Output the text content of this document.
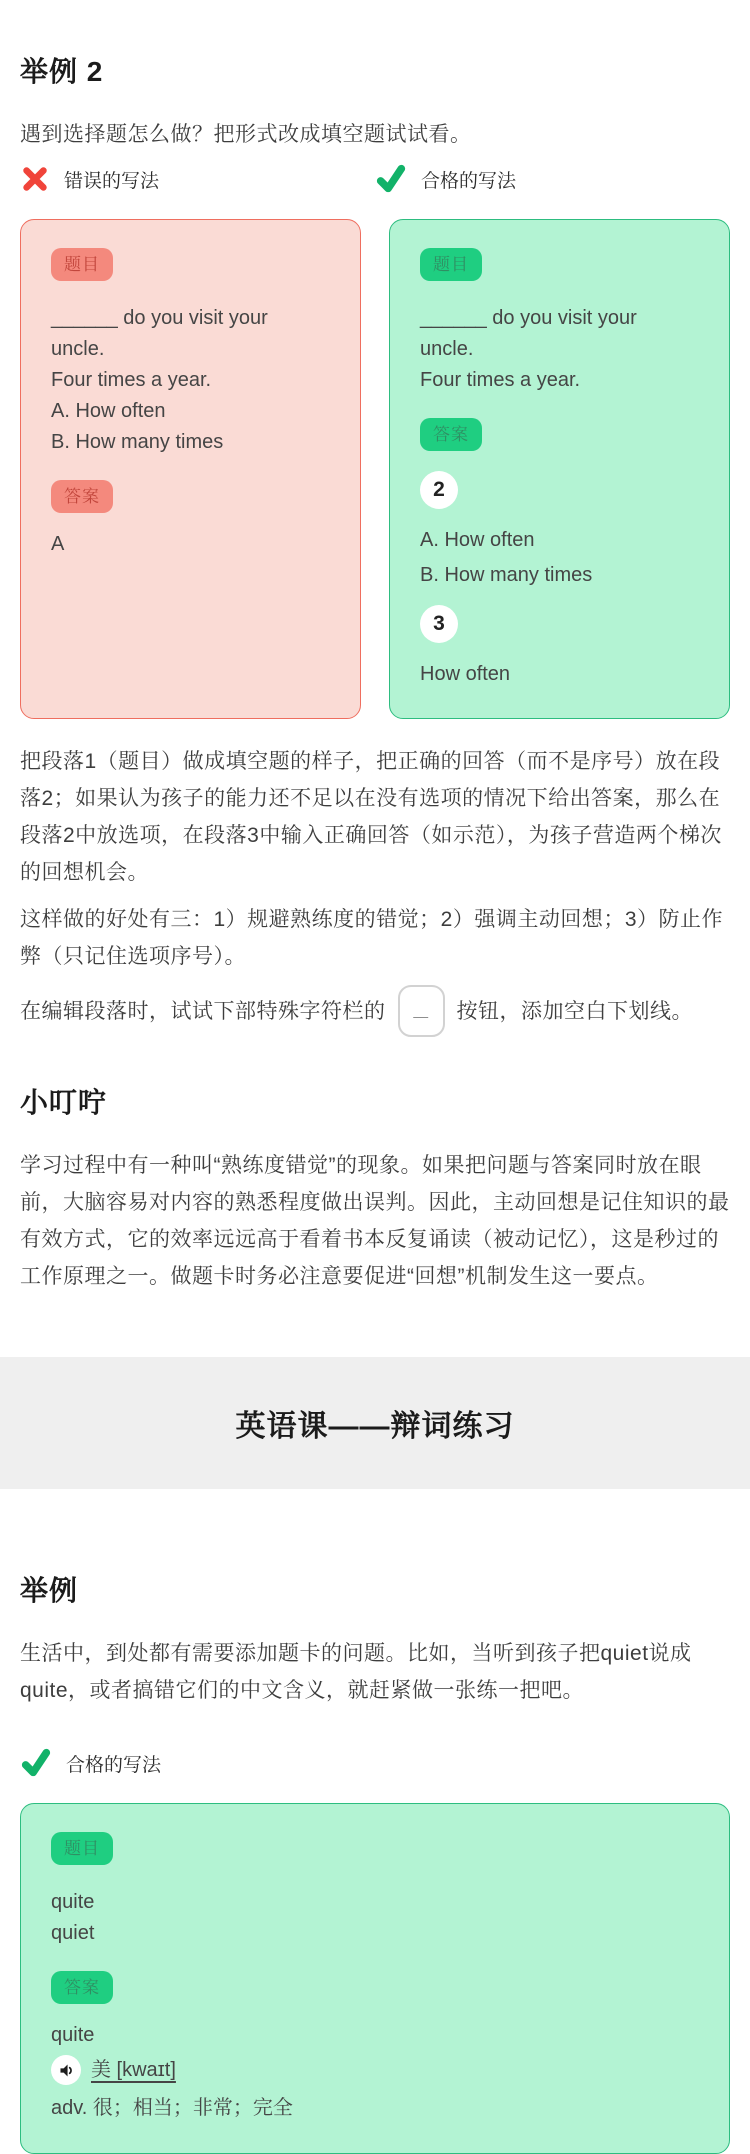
举例 2

遇到选择题怎么做？把形式改成填空题试试看。

错误的写法	合格的写法
题目
______ do you visit your
uncle.
Four times a year.
A. How often
B. How many times
答案
A
题目
______ do you visit your
uncle.
Four times a year.
答案
2
A. How often
B. How many times
3
How often

把段落1（题目）做成填空题的样子，把正确的回答（而不是序号）放在段落2；如果认为孩子的能力还不足以在没有选项的情况下给出答案，那么在段落2中放选项，在段落3中输入正确回答（如示范），为孩子营造两个梯次的回想机会。

这样做的好处有三：1）规避熟练度的错觉；2）强调主动回想；3）防止作弊（只记住选项序号）。

在编辑段落时，试试下部特殊字符栏的 _ 按钮，添加空白下划线。

小叮咛

学习过程中有一种叫“熟练度错觉”的现象。如果把问题与答案同时放在眼前，大脑容易对内容的熟悉程度做出误判。因此，主动回想是记住知识的最有效方式，它的效率远远高于看着书本反复诵读（被动记忆），这是秒过的工作原理之一。做题卡时务必注意要促进“回想”机制发生这一要点。

英语课——辩词练习
举例

生活中，到处都有需要添加题卡的问题。比如，当听到孩子把quiet说成quite，或者搞错它们的中文含义，就赶紧做一张练一把吧。

合格的写法
题目
quite
quiet
答案
quite
美 [kwaɪt]
adv. 很；相当；非常；完全
